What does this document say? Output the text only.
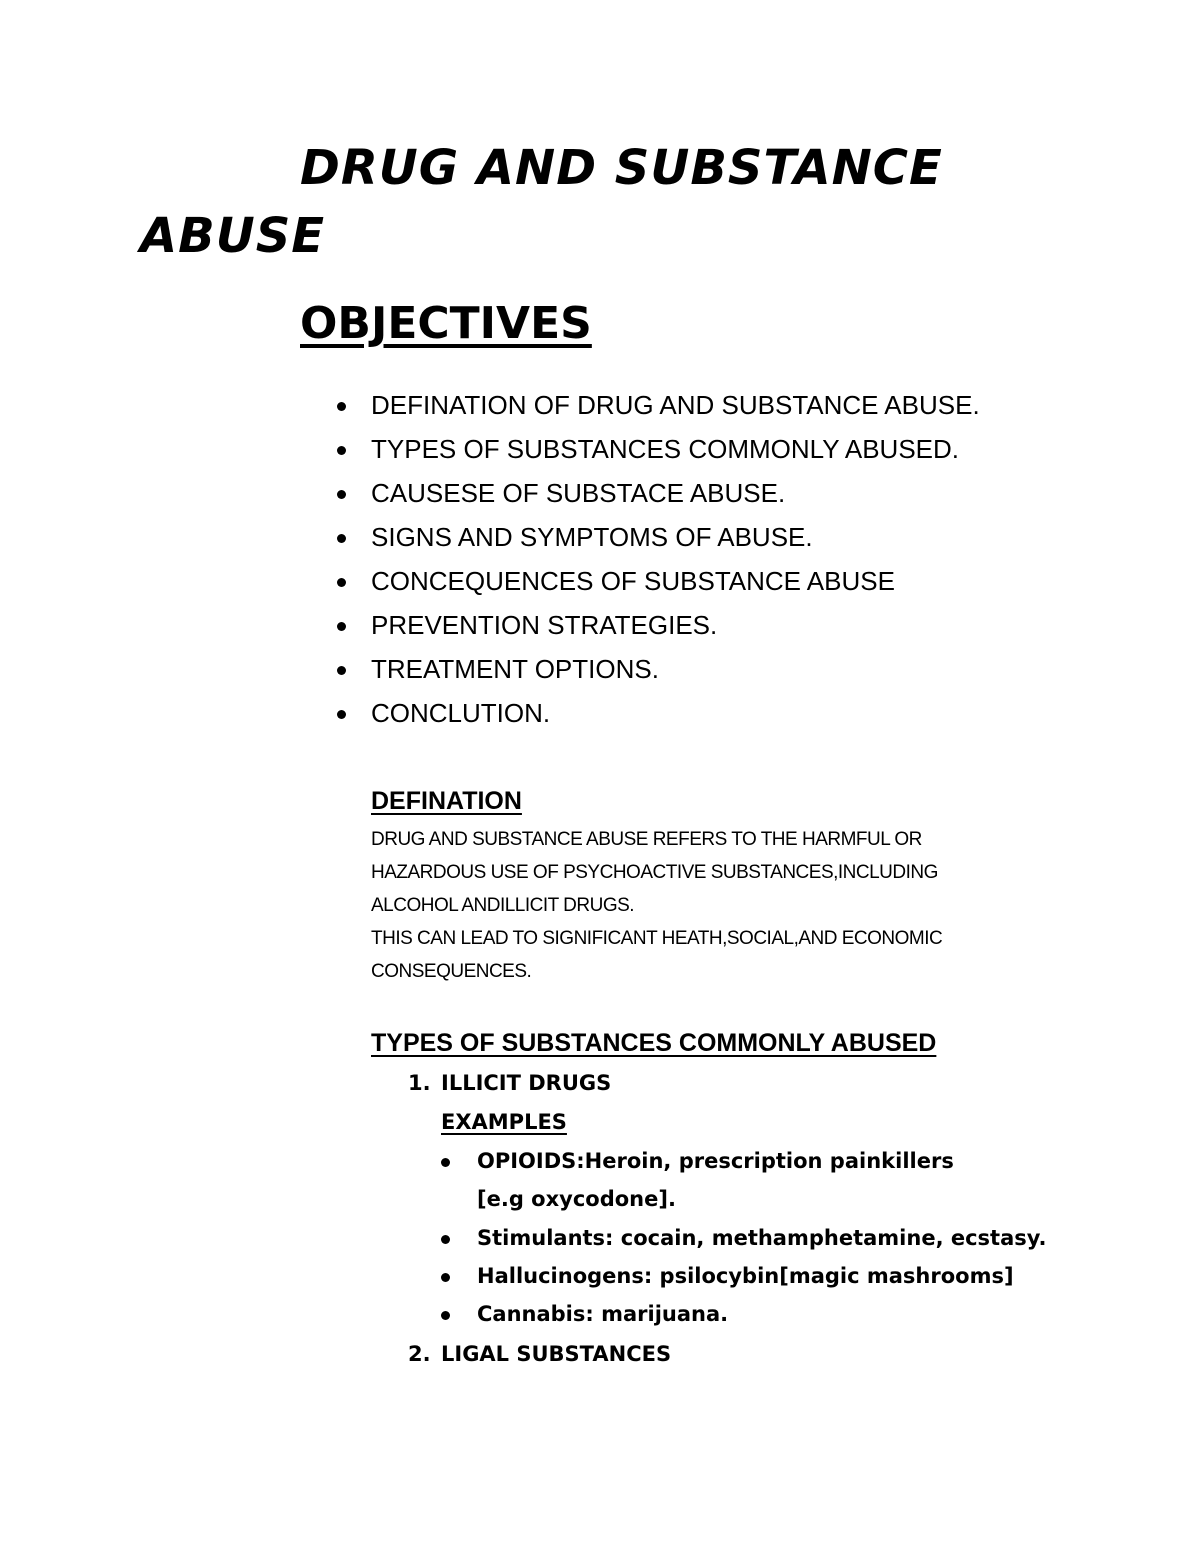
DRUG AND SUBSTANCE
ABUSE
OBJECTIVES
DEFINATION OF DRUG AND SUBSTANCE ABUSE.
TYPES OF SUBSTANCES COMMONLY ABUSED.
CAUSESE OF SUBSTACE ABUSE.
SIGNS AND SYMPTOMS OF ABUSE.
CONCEQUENCES OF SUBSTANCE ABUSE
PREVENTION STRATEGIES.
TREATMENT OPTIONS.
CONCLUTION.
DEFINATION
DRUG AND SUBSTANCE ABUSE REFERS TO THE HARMFUL OR
HAZARDOUS USE OF PSYCHOACTIVE SUBSTANCES,INCLUDING
ALCOHOL ANDILLICIT DRUGS.
THIS CAN LEAD TO SIGNIFICANT HEATH,SOCIAL,AND ECONOMIC
CONSEQUENCES.
TYPES OF SUBSTANCES COMMONLY ABUSED
1. ILLICIT DRUGS
EXAMPLES
OPIOIDS:Heroin, prescription painkillers
[e.g oxycodone].
Stimulants: cocain, methamphetamine, ecstasy.
Hallucinogens: psilocybin[magic mashrooms]
Cannabis: marijuana.
2. LIGAL SUBSTANCES
